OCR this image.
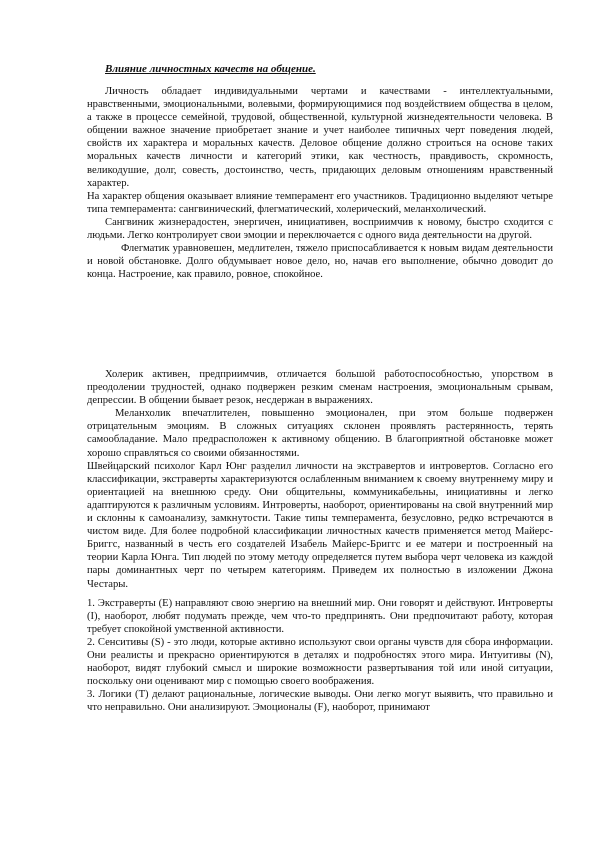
Влияние личностных качеств на общение.

Личность обладает индивидуальными чертами и качествами - интеллектуальными, нравственными, эмоциональными, волевыми, формирующимися под воздействием общества в целом, а также в процессе семейной, трудовой, общественной, культурной жизнедеятельности человека. В общении важное значение приобретает знание и учет наиболее типичных черт поведения людей, свойств их характера и моральных качеств. Деловое общение должно строиться на основе таких моральных качеств личности и категорий этики, как честность, правдивость, скромность, великодушие, долг, совесть, достоинство, честь, придающих деловым отношениям нравственный характер.

На характер общения оказывает влияние темперамент его участников. Традиционно выделяют четыре типа темперамента: сангвинический, флегматический, холерический, меланхолический.

Сангвиник жизнерадостен, энергичен, инициативен, восприимчив к новому, быстро сходится с людьми. Легко контролирует свои эмоции и переключается с одного вида деятельности на другой.

Флегматик уравновешен, медлителен, тяжело приспосабливается к новым видам деятельности и новой обстановке. Долго обдумывает новое дело, но, начав его выполнение, обычно доводит до конца. Настроение, как правило, ровное, спокойное.

Холерик активен, предприимчив, отличается большой работоспособностью, упорством в преодолении трудностей, однако подвержен резким сменам настроения, эмоциональным срывам, депрессии. В общении бывает резок, несдержан в выражениях.

Меланхолик впечатлителен, повышенно эмоционален, при этом больше подвержен отрицательным эмоциям. В сложных ситуациях склонен проявлять растерянность, терять самообладание. Мало предрасположен к активному общению. В благоприятной обстановке может хорошо справляться со своими обязанностями.

Швейцарский психолог Карл Юнг разделил личности на экстравертов и интровертов. Согласно его классификации, экстраверты характеризуются ослабленным вниманием к своему внутреннему миру и ориентацией на внешнюю среду. Они общительны, коммуникабельны, инициативны и легко адаптируются к различным условиям. Интроверты, наоборот, ориентированы на свой внутренний мир и склонны к самоанализу, замкнутости. Такие типы темперамента, безусловно, редко встречаются в чистом виде. Для более подробной классификации личностных качеств применяется метод Майерс-Бриггс, названный в честь его создателей Изабель Майерс-Бриггс и ее матери и построенный на теории Карла Юнга. Тип людей по этому методу определяется путем выбора черт человека из каждой пары доминантных черт по четырем категориям. Приведем их полностью в изложении Джона Честары.

1. Экстраверты (Е) направляют свою энергию на внешний мир. Они говорят и действуют. Интроверты (I), наоборот, любят подумать прежде, чем что-то предпринять. Они предпочитают работу, которая требует спокойной умственной активности.

2. Сенситивы (S) - это люди, которые активно используют свои органы чувств для сбора информации. Они реалисты и прекрасно ориентируются в деталях и подробностях этого мира. Интуитивы (N), наоборот, видят глубокий смысл и широкие возможности развертывания той или иной ситуации, поскольку они оценивают мир с помощью своего воображения.

3. Логики (Т) делают рациональные, логические выводы. Они легко могут выявить, что правильно и что неправильно. Они анализируют. Эмоционалы (F), наоборот, принимают
